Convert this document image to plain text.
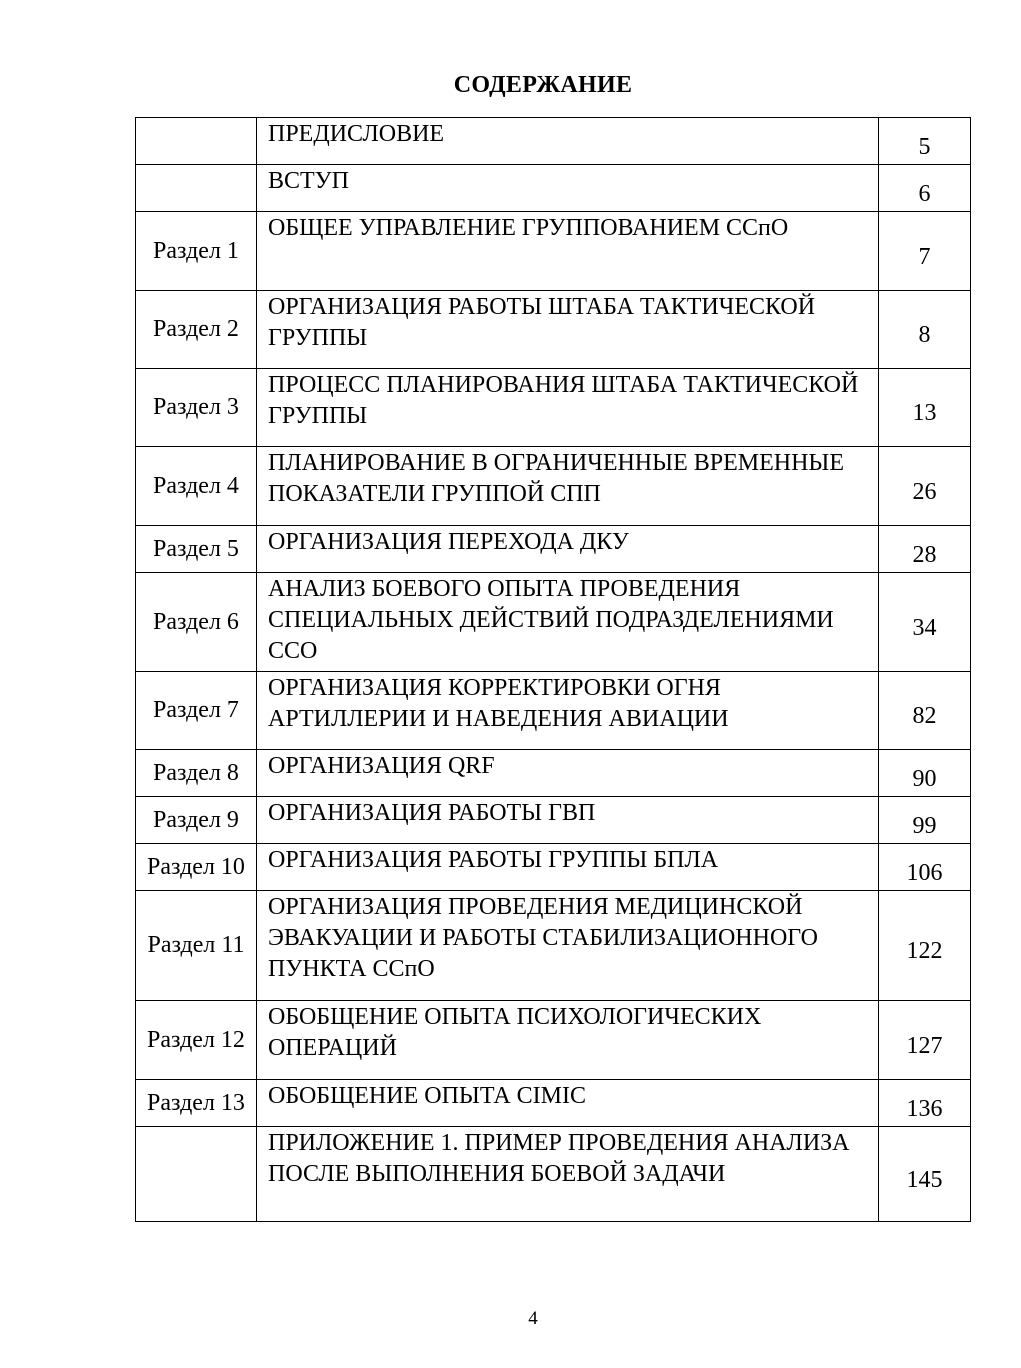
СОДЕРЖАНИЕ
	ПРЕДИСЛОВИЕ	5
	ВСТУП	6
Раздел 1	ОБЩЕЕ УПРАВЛЕНИЕ ГРУППОВАНИЕМ ССпО	7
Раздел 2	ОРГАНИЗАЦИЯ РАБОТЫ ШТАБА ТАКТИЧЕСКОЙ ГРУППЫ	8
Раздел 3	ПРОЦЕСС ПЛАНИРОВАНИЯ ШТАБА ТАКТИЧЕСКОЙ ГРУППЫ	13
Раздел 4	ПЛАНИРОВАНИЕ В ОГРАНИЧЕННЫЕ ВРЕМЕННЫЕ ПОКАЗАТЕЛИ ГРУППОЙ СПП	26
Раздел 5	ОРГАНИЗАЦИЯ ПЕРЕХОДА ДКУ	28
Раздел 6	АНАЛИЗ БОЕВОГО ОПЫТА ПРОВЕДЕНИЯ СПЕЦИАЛЬНЫХ ДЕЙСТВИЙ ПОДРАЗДЕЛЕНИЯМИ ССО	34
Раздел 7	ОРГАНИЗАЦИЯ КОРРЕКТИРОВКИ ОГНЯ АРТИЛЛЕРИИ И НАВЕДЕНИЯ АВИАЦИИ	82
Раздел 8	ОРГАНИЗАЦИЯ QRF	90
Раздел 9	ОРГАНИЗАЦИЯ РАБОТЫ ГВП	99
Раздел 10	ОРГАНИЗАЦИЯ РАБОТЫ ГРУППЫ БПЛА	106
Раздел 11	ОРГАНИЗАЦИЯ ПРОВЕДЕНИЯ МЕДИЦИНСКОЙ ЭВАКУАЦИИ И РАБОТЫ СТАБИЛИЗАЦИОННОГО ПУНКТА ССпО	122
Раздел 12	ОБОБЩЕНИЕ ОПЫТА ПСИХОЛОГИЧЕСКИХ ОПЕРАЦИЙ	127
Раздел 13	ОБОБЩЕНИЕ ОПЫТА CIMIC	136
	ПРИЛОЖЕНИЕ 1. ПРИМЕР ПРОВЕДЕНИЯ АНАЛИЗА ПОСЛЕ ВЫПОЛНЕНИЯ БОЕВОЙ ЗАДАЧИ	145
4
